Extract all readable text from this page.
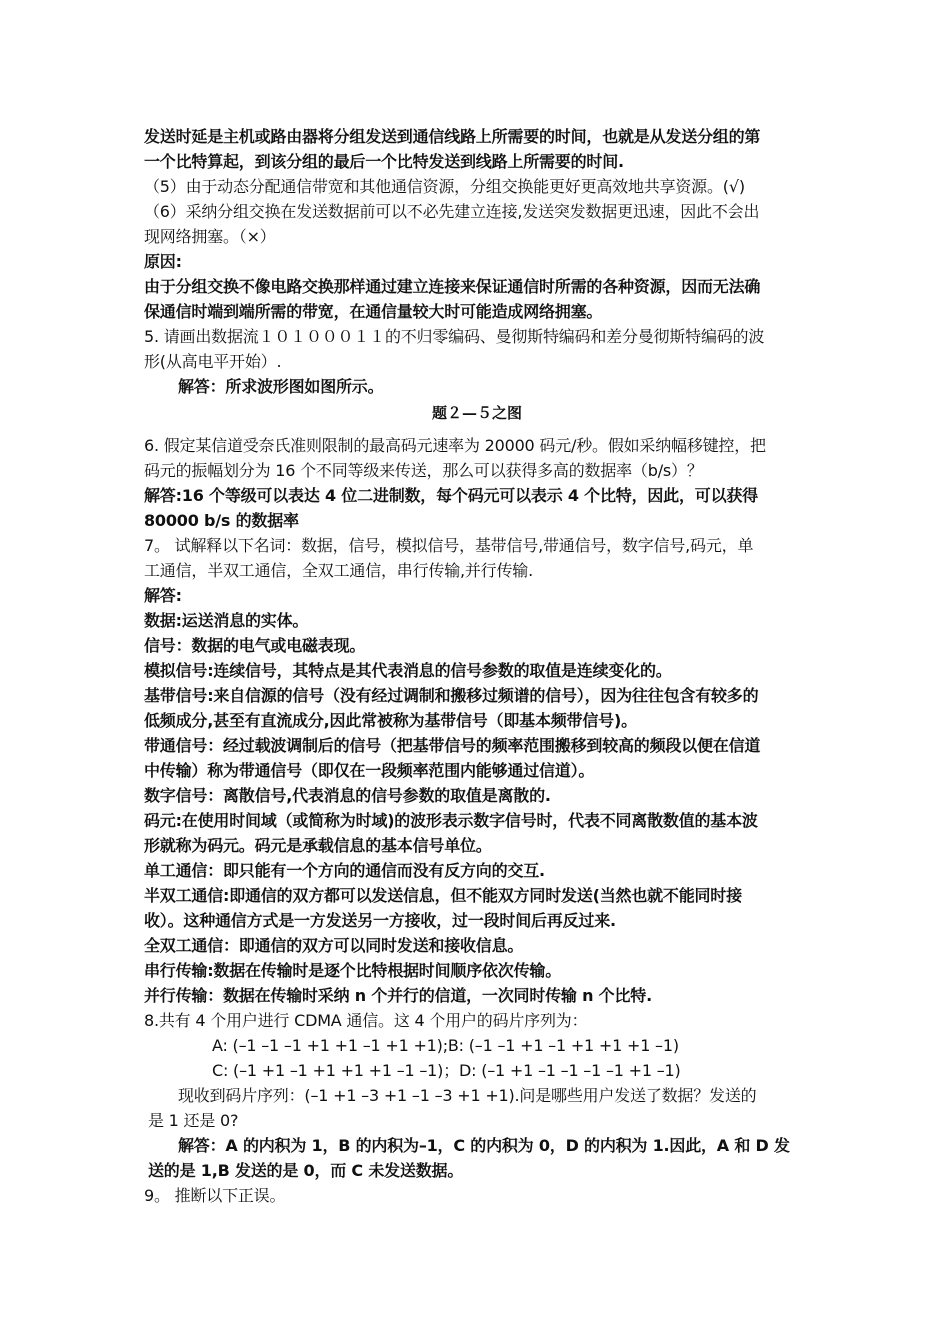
发送时延是主机或路由器将分组发送到通信线路上所需要的时间，也就是从发送分组的第
一个比特算起，到该分组的最后一个比特发送到线路上所需要的时间.
（5）由于动态分配通信带宽和其他通信资源，分组交换能更好更高效地共享资源。(√)
（6）采纳分组交换在发送数据前可以不必先建立连接,发送突发数据更迅速，因此不会出
现网络拥塞。（×）
原因:
由于分组交换不像电路交换那样通过建立连接来保证通信时所需的各种资源，因而无法确
保通信时端到端所需的带宽，在通信量较大时可能造成网络拥塞。
5. 请画出数据流１０１０００１１的不归零编码、曼彻斯特编码和差分曼彻斯特编码的波
形(从高电平开始）.
解答：所求波形图如图所示。
题２—５之图
6. 假定某信道受奈氏准则限制的最高码元速率为 20000 码元/秒。假如采纳幅移键控，把
码元的振幅划分为 16 个不同等级来传送，那么可以获得多高的数据率（b/s）？
解答:16 个等级可以表达 4 位二进制数，每个码元可以表示 4 个比特，因此，可以获得
80000 b/s 的数据率
7。 试解释以下名词：数据，信号，模拟信号，基带信号,带通信号，数字信号,码元，单
工通信，半双工通信，全双工通信，串行传输,并行传输.
解答:
数据:运送消息的实体。
信号：数据的电气或电磁表现。
模拟信号:连续信号，其特点是其代表消息的信号参数的取值是连续变化的。
基带信号:来自信源的信号（没有经过调制和搬移过频谱的信号），因为往往包含有较多的
低频成分,甚至有直流成分,因此常被称为基带信号（即基本频带信号)。
带通信号：经过载波调制后的信号（把基带信号的频率范围搬移到较高的频段以便在信道
中传输）称为带通信号（即仅在一段频率范围内能够通过信道）。
数字信号：离散信号,代表消息的信号参数的取值是离散的.
码元:在使用时间域（或简称为时域)的波形表示数字信号时，代表不同离散数值的基本波
形就称为码元。码元是承载信息的基本信号单位。
单工通信：即只能有一个方向的通信而没有反方向的交互.
半双工通信:即通信的双方都可以发送信息，但不能双方同时发送(当然也就不能同时接
收）。这种通信方式是一方发送另一方接收，过一段时间后再反过来.
全双工通信：即通信的双方可以同时发送和接收信息。
串行传输:数据在传输时是逐个比特根据时间顺序依次传输。
并行传输：数据在传输时采纳 n 个并行的信道，一次同时传输 n 个比特.
8.共有 4 个用户进行 CDMA 通信。这 4 个用户的码片序列为：
A: (–1 –1 –1 +1 +1 –1 +1 +1);B: (–1 –1 +1 –1 +1 +1 +1 –1)
C: (–1 +1 –1 +1 +1 +1 –1 –1)；D: (–1 +1 –1 –1 –1 –1 +1 –1)
现收到码片序列：(–1 +1 –3 +1 –1 –3 +1 +1).问是哪些用户发送了数据？发送的
是 1 还是 0?
解答：A 的内积为 1，B 的内积为–1，C 的内积为 0，D 的内积为 1.因此，A 和 D 发
送的是 1,B 发送的是 0，而 C 未发送数据。
9。 推断以下正误。
